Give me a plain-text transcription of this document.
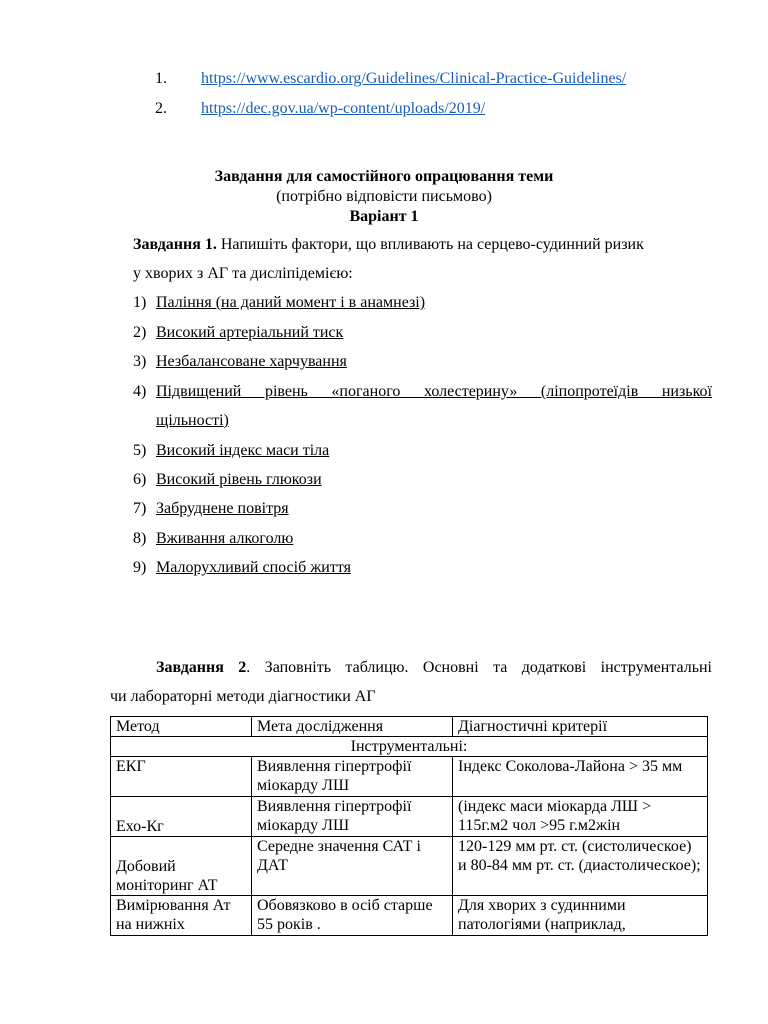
1. https://www.escardio.org/Guidelines/Clinical-Practice-Guidelines/
2. https://dec.gov.ua/wp-content/uploads/2019/
Завдання для самостійного опрацювання теми
(потрібно відповісти письмово)
Варіант 1
Завдання 1. Напишіть фактори, що впливають на серцево-судинний ризик
у хворих з АГ та дисліпідемією:
1) Паління (на даний момент і в анамнезі)
2) Високий артеріальний тиск
3) Незбалансоване харчування
4) Підвищений рівень «поганого холестерину» (ліпопротеїдів низької
щільності)
5) Високий індекс маси тіла
6) Високий рівень глюкози
7) Забруднене повітря
8) Вживання алкоголю
9) Малорухливий спосіб життя
Завдання 2. Заповніть таблицю. Основні та додаткові інструментальні
чи лабораторні методи діагностики АГ
Метод	Мета дослідження	Діагностичні критерії
Інструментальні:		
ЕКГ	Виявлення гіпертрофії міокарду ЛШ	Індекс Соколова-Лайона > 35 мм
Ехо-Кг	Виявлення гіпертрофії міокарду ЛШ	(індекс маси міокарда ЛШ > 115г.м2 чол >95 г.м2жін
Добовий моніторинг АТ	Середне значення САТ і ДАТ	120-129 мм рт. ст. (систолическое) и 80-84 мм рт. ст. (диастолическое);
Вимірювання Ат на нижніх	Обовязково в осіб старше 55 років .	Для хворих з судинними патологіями (наприклад,
